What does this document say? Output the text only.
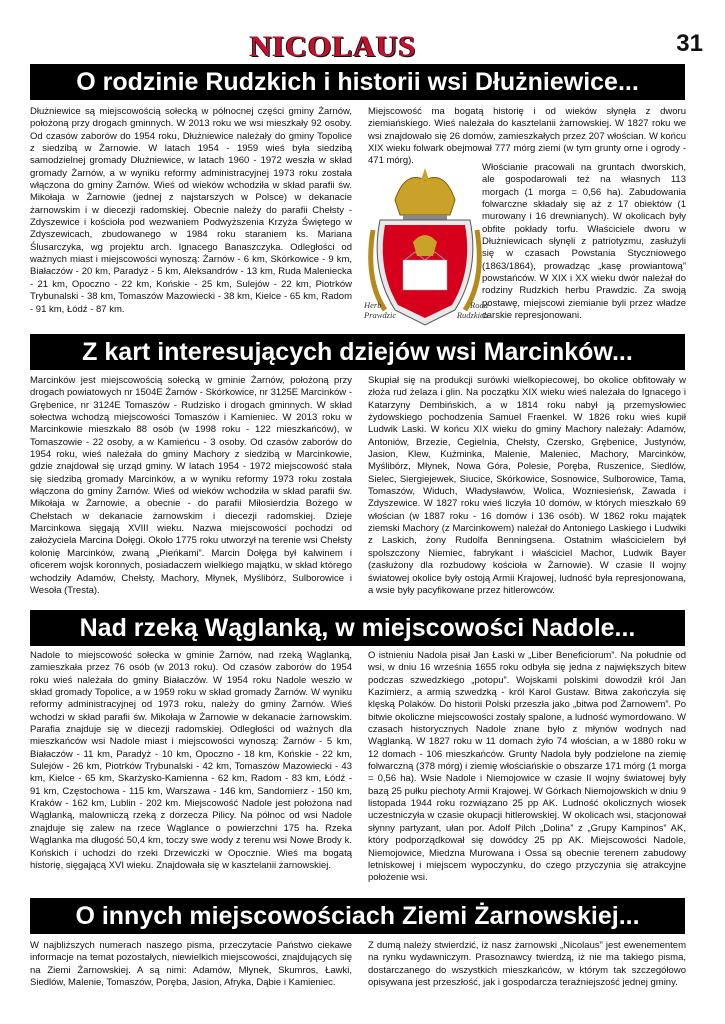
NICOLAUS	31
O rodzinie Rudzkich i historii wsi Dłużniewice...

Dłużniewice są miejscowością sołecką w północnej części gminy Żarnów, położoną przy drogach gminnych. W 2013 roku we wsi mieszkały 92 osoby. Od czasów zaborów do 1954 roku, Dłużniewice należały do gminy Topolice z siedzibą w Żarnowie. W latach 1954 - 1959 wieś była siedzibą samodzielnej gromady Dłużniewice, w latach 1960 - 1972 weszła w skład gromady Żarnów, a w wyniku reformy administracyjnej 1973 roku została włączona do gminy Żarnów. Wieś od wieków wchodziła w skład parafii św. Mikołaja w Żarnowie (jednej z najstarszych w Polsce) w dekanacie żarnowskim i w diecezji radomskiej. Obecnie należy do parafii Chełsty - Zdyszewice i kościoła pod wezwaniem Podwyższenia Krzyża Świętego w Zdyszewicach, zbudowanego w 1984 roku staraniem ks. Mariana Ślusarczyka, wg projektu arch. Ignacego Banaszczyka. Odległości od ważnych miast i miejscowości wynoszą: Żarnów - 6 km, Skórkowice - 9 km, Białaczów - 20 km, Paradyż - 5 km, Aleksandrów - 13 km, Ruda Maleniecka - 21 km, Opoczno - 22 km, Końskie - 25 km, Sulejów - 22 km, Piotrków Trybunalski - 38 km, Tomaszów Mazowiecki - 38 km, Kielce - 65 km, Radom - 91 km, Łódź - 87 km.

Miejscowość ma bogatą historię i od wieków słynęła z dworu ziemiańskiego. Wieś należała do kasztelanii żarnowskiej. W 1827 roku we wsi znajdowało się 26 domów, zamieszkałych przez 207 włościan. W końcu XIX wieku folwark obejmował 777 mórg ziemi (w tym grunty orne i ogrody - 471 mórg).

Herb Prawdzic
Rodu Rudzkich

Włościanie pracowali na gruntach dworskich, ale gospodarowali też na własnych 113 morgach (1 morga = 0,56 ha). Zabudowania folwarczne składały się aż z 17 obiektów (1 murowany i 16 drewnianych). W okolicach były obfite pokłady torfu. Właściciele dworu w Dłużniewicach słynęli z patriotyzmu, zasłużyli się w czasach Powstania Styczniowego (1863/1864), prowadząc „kasę prowiantową” powstańców. W XIX i XX wieku dwór należał do rodziny Rudzkich herbu Prawdzic. Za swoją postawę, miejscowi ziemianie byli przez władze carskie represjonowani.

Z kart interesujących dziejów wsi Marcinków...

Marcinków jest miejscowością sołecką w gminie Żarnów, położoną przy drogach powiatowych nr 1504E Żarnów - Skórkowice, nr 3125E Marcinków - Grębenice, nr 3124E Tomaszów - Rudzisko i drogach gminnych. W skład sołectwa wchodzą miejscowości Tomaszów i Kamieniec. W 2013 roku w Marcinkowie mieszkało 88 osób (w 1998 roku - 122 mieszkańców), w Tomaszowie - 22 osoby, a w Kamieńcu - 3 osoby. Od czasów zaborów do 1954 roku, wieś należała do gminy Machory z siedzibą w Marcinkowie, gdzie znajdował się urząd gminy. W latach 1954 - 1972 miejscowość stała się siedzibą gromady Marcinków, a w wyniku reformy 1973 roku została włączona do gminy Żarnów. Wieś od wieków wchodziła w skład parafii św. Mikołaja w Żarnowie, a obecnie - do parafii Miłosierdzia Bożego w Chełstach w dekanacie żarnowskim i diecezji radomskiej. Dzieje Marcinkowa sięgają XVIII wieku. Nazwa miejscowości pochodzi od założyciela Marcina Dołęgi. Około 1775 roku utworzył na terenie wsi Chełsty kolonię Marcinków, zwaną „Pieńkami”. Marcin Dołęga był kalwinem i oficerem wojsk koronnych, posiadaczem wielkiego majątku, w skład którego wchodziły Adamów, Chełsty, Machory, Młynek, Myślibórz, Sulborowice i Wesoła (Tresta).

Skupiał się na produkcji surówki wielkopiecowej, bo okolice obfitowały w złoża rud żelaza i glin. Na początku XIX wieku wieś należała do Ignacego i Katarzyny Dembińskich, a w 1814 roku nabył ją przemysłowiec żydowskiego pochodzenia Samuel Fraenkel. W 1826 roku wieś kupił Ludwik Laski. W końcu XIX wieku do gminy Machory należały: Adamów, Antoniów, Brzezie, Cegielnia, Chełsty, Czersko, Grębenice, Justynów, Jasion, Klew, Kuźminka, Malenie, Maleniec, Machory, Marcinków, Myślibórz, Młynek, Nowa Góra, Polesie, Poręba, Ruszenice, Siedlów, Sielec, Siergiejewek, Siucice, Skórkowice, Sosnowice, Sulborowice, Tama, Tomaszów, Widuch, Władysławów, Wolica, Wozniesieńsk, Zawada i Zdyszewice. W 1827 roku wieś liczyła 10 domów, w których mieszkało 69 włościan (w 1887 roku - 16 domów i 136 osób). W 1862 roku majątek ziemski Machory (z Marcinkowem) należał do Antoniego Laskiego i Ludwiki z Laskich, żony Rudolfa Benningsena. Ostatnim właścicielem był spolszczony Niemiec, fabrykant i właściciel Machor, Ludwik Bayer (zasłużony dla rozbudowy kościoła w Żarnowie). W czasie II wojny światowej okolice były ostoją Armii Krajowej, ludność była represjonowana, a wsie były pacyfikowane przez hitlerowców.

Nad rzeką Wąglanką, w miejscowości Nadole...

Nadole to miejscowość sołecka w gminie Żarnów, nad rzeką Wąglanką, zamieszkała przez 76 osób (w 2013 roku). Od czasów zaborów do 1954 roku wieś należała do gminy Białaczów. W 1954 roku Nadole weszło w skład gromady Topolice, a w 1959 roku w skład gromady Żarnów. W wyniku reformy administracyjnej od 1973 roku, należy do gminy Żarnów. Wieś wchodzi w skład parafii św. Mikołaja w Żarnowie w dekanacie żarnowskim. Parafia znajduje się w diecezji radomskiej. Odległości od ważnych dla mieszkańców wsi Nadole miast i miejscowości wynoszą: Żarnów - 5 km, Białaczów - 11 km, Paradyż - 10 km, Opoczno - 18 km, Końskie - 22 km, Sulejów - 26 km, Piotrków Trybunalski - 42 km, Tomaszów Mazowiecki - 43 km, Kielce - 65 km, Skarżysko-Kamienna - 62 km, Radom - 83 km, Łódź - 91 km, Częstochowa - 115 km, Warszawa - 146 km, Sandomierz - 150 km, Kraków - 162 km, Lublin - 202 km. Miejscowość Nadole jest położona nad Wąglanką, malowniczą rzeką z dorzecza Pilicy. Na północ od wsi Nadole znajduje się zalew na rzece Wąglance o powierzchni 175 ha. Rzeka Wąglanka ma długość 50,4 km, toczy swe wody z terenu wsi Nowe Brody k. Końskich i uchodzi do rzeki Drzewiczki w Opocznie. Wieś ma bogatą historię, sięgającą XVI wieku. Znajdowała się w kasztelanii żarnowskiej.

O istnieniu Nadola pisał Jan Łaski w „Liber Beneficiorum”. Na południe od wsi, w dniu 16 września 1655 roku odbyła się jedna z największych bitew podczas szwedzkiego „potopu”. Wojskami polskimi dowodził król Jan Kazimierz, a armią szwedzką - król Karol Gustaw. Bitwa zakończyła się klęską Polaków. Do historii Polski przeszła jako „bitwa pod Żarnowem”. Po bitwie okoliczne miejscowości zostały spalone, a ludność wymordowano. W czasach historycznych Nadole znane było z młynów wodnych nad Wąglanką. W 1827 roku w 11 domach żyło 74 włościan, a w 1880 roku w 12 domach - 106 mieszkańców. Grunty Nadola były podzielone na ziemię folwarczną (378 mórg) i ziemię włościańskie o obszarze 171 mórg (1 morga = 0,56 ha). Wsie Nadole i Niemojowice w czasie II wojny światowej były bazą 25 pułku piechoty Armii Krajowej. W Górkach Niemojowskich w dniu 9 listopada 1944 roku rozwiązano 25 pp AK. Ludność okolicznych wiosek uczestniczyła w czasie okupacji hitlerowskiej. W okolicach wsi, stacjonował słynny partyzant, ułan por. Adolf Pilch „Dolina” z „Grupy Kampinos” AK, który podporządkował się dowódcy 25 pp AK. Miejscowości Nadole, Niemojowice, Miedzna Murowana i Ossa są obecnie terenem zabudowy letniskowej i miejscem wypoczynku, do czego przyczynia się atrakcyjne położenie wsi.

O innych miejscowościach Ziemi Żarnowskiej...

W najbliższych numerach naszego pisma, przeczytacie Państwo ciekawe informacje na temat pozostałych, niewielkich miejscowości, znajdujących się na Ziemi Żarnowskiej. A są nimi: Adamów, Młynek, Skumros, Ławki, Siedlów, Malenie, Tomaszów, Poręba, Jasion, Afryka, Dąbie i Kamieniec.

Z dumą należy stwierdzić, iż nasz żarnowski „Nicolaus” jest ewenementem na rynku wydawniczym. Prasoznawcy twierdzą, iż nie ma takiego pisma, dostarczanego do wszystkich mieszkańców, w którym tak szczegółowo opisywana jest przeszłość, jak i gospodarcza teraźniejszość jednej gminy.
